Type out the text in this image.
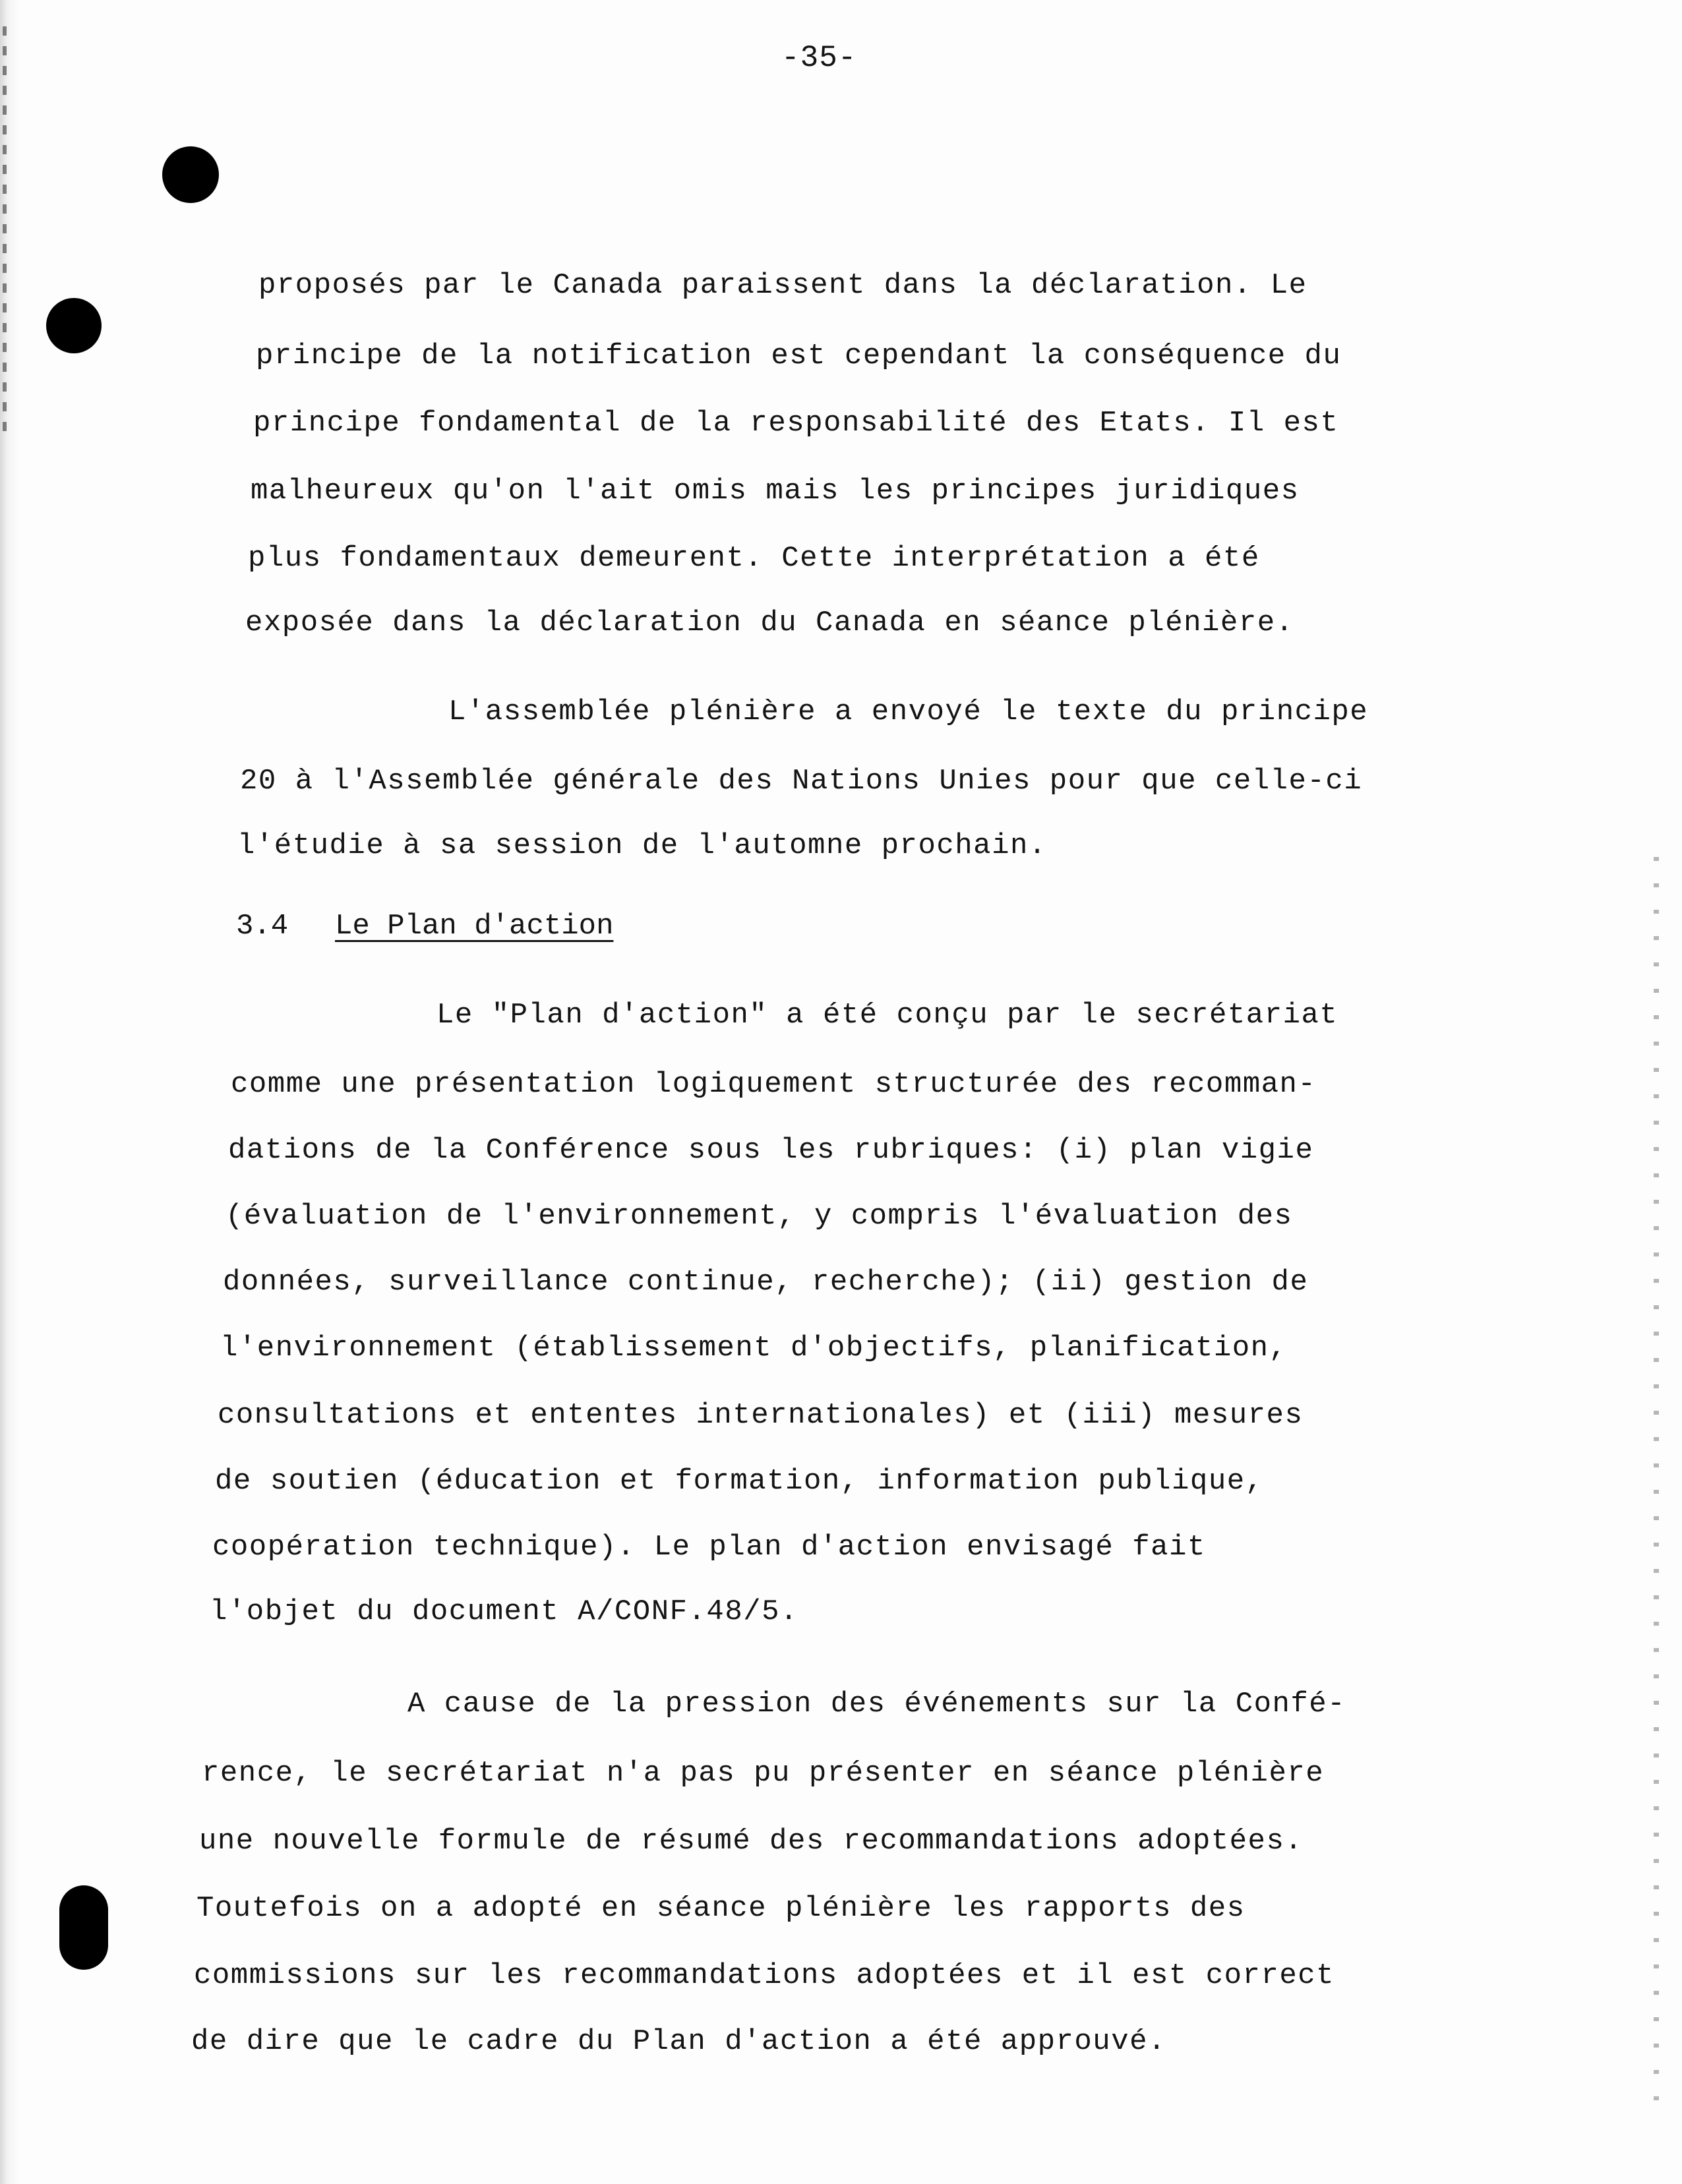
-35-
proposés par le Canada paraissent dans la déclaration. Le
principe de la notification est cependant la conséquence du
principe fondamental de la responsabilité des Etats. Il est
malheureux qu'on l'ait omis mais les principes juridiques
plus fondamentaux demeurent. Cette interprétation a été
exposée dans la déclaration du Canada en séance plénière.
L'assemblée plénière a envoyé le texte du principe
20 à l'Assemblée générale des Nations Unies pour que celle-ci
l'étudie à sa session de l'automne prochain.
3.4 Le Plan d'action
Le "Plan d'action" a été conçu par le secrétariat
comme une présentation logiquement structurée des recomman-
dations de la Conférence sous les rubriques: (i) plan vigie
(évaluation de l'environnement, y compris l'évaluation des
données, surveillance continue, recherche); (ii) gestion de
l'environnement (établissement d'objectifs, planification,
consultations et ententes internationales) et (iii) mesures
de soutien (éducation et formation, information publique,
coopération technique). Le plan d'action envisagé fait
l'objet du document A/CONF.48/5.
A cause de la pression des événements sur la Confé-
rence, le secrétariat n'a pas pu présenter en séance plénière
une nouvelle formule de résumé des recommandations adoptées.
Toutefois on a adopté en séance plénière les rapports des
commissions sur les recommandations adoptées et il est correct
de dire que le cadre du Plan d'action a été approuvé.
